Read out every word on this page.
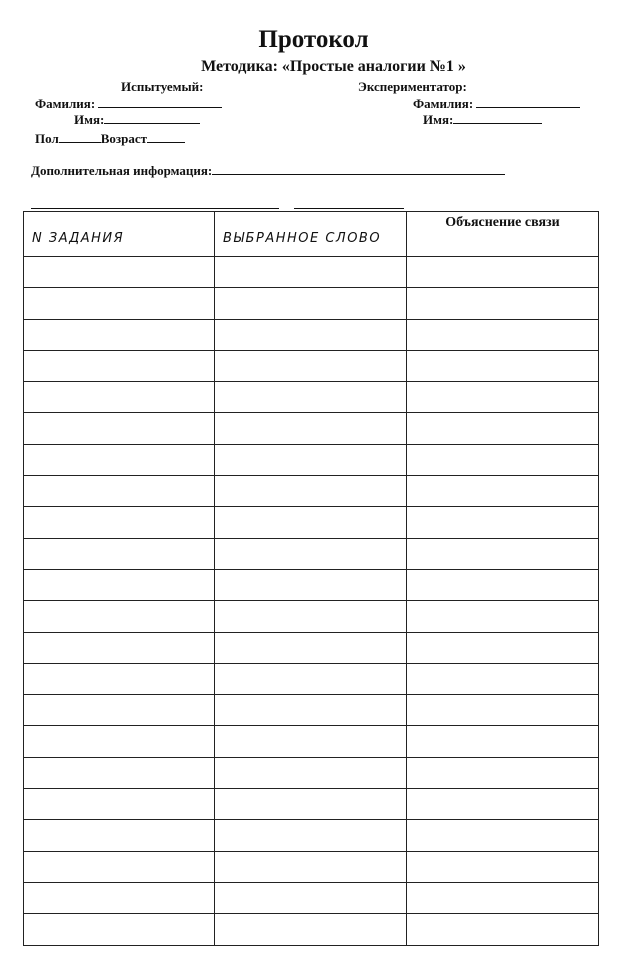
Протокол
Методика: «Простые аналогии №1 »
Испытуемый:	Экспериментатор:
Фамилия:	Фамилия:
Имя:	Имя:
Пол	Возраст
Дополнительная информация:
N ЗАДАНИЯ	ВЫБРАННОЕ СЛОВО	Объяснение связи
